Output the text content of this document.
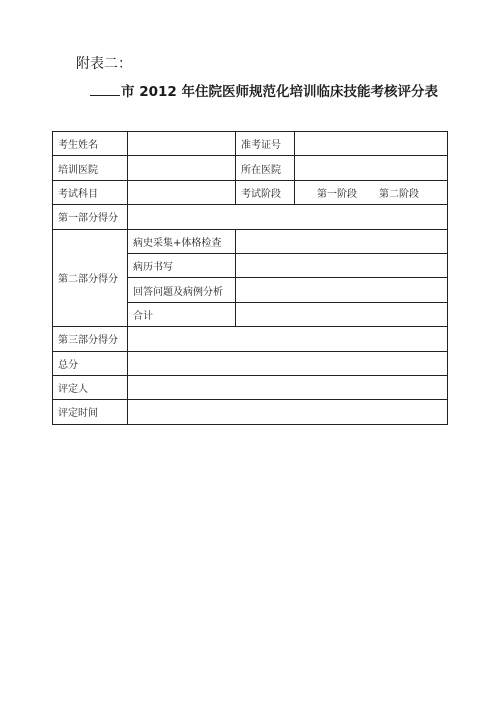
附表二：
市 2012 年住院医师规范化培训临床技能考核评分表
考生姓名		准考证号	
培训医院		所在医院	
考试科目		考试阶段	第一阶段 第二阶段
第一部分得分			
第二部分得分	病史采集+体格检查		
	病历书写		
	回答问题及病例分析		
	合计		
第三部分得分			
总分			
评定人			
评定时间			
